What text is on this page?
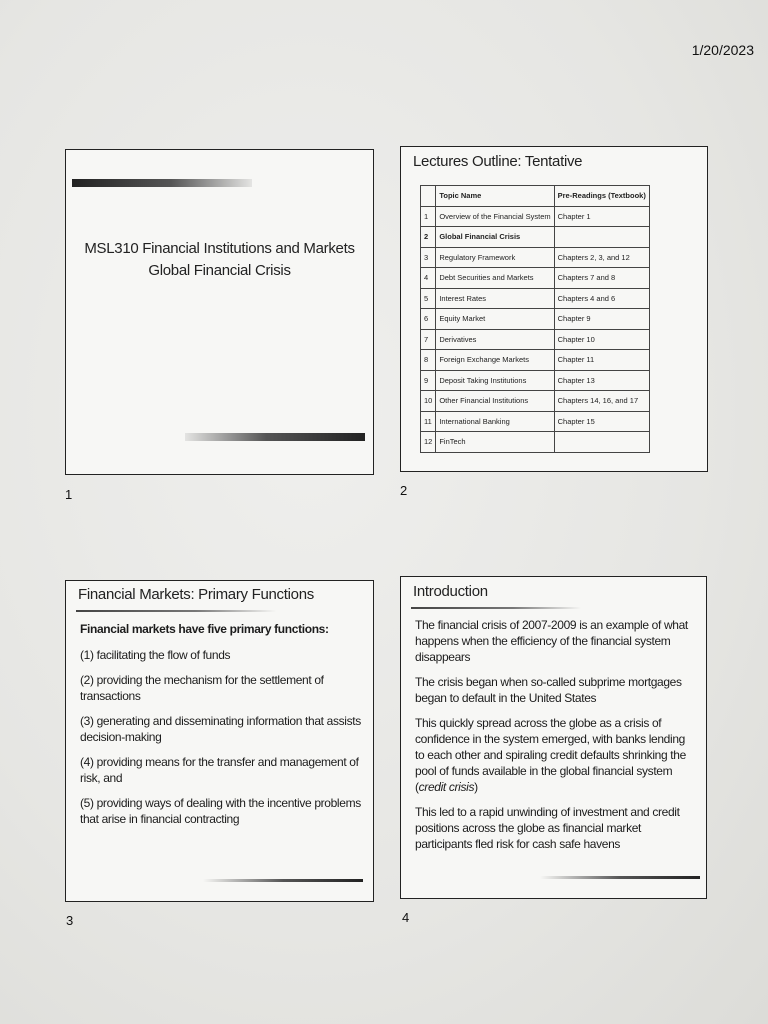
1/20/2023
MSL310 Financial Institutions and Markets
Global Financial Crisis
1
Lectures Outline: Tentative
	Topic Name	Pre-Readings (Textbook)
1	Overview of the Financial System	Chapter 1
2	Global Financial Crisis	
3	Regulatory Framework	Chapters 2, 3, and 12
4	Debt Securities and Markets	Chapters 7 and 8
5	Interest Rates	Chapters 4 and 6
6	Equity Market	Chapter 9
7	Derivatives	Chapter 10
8	Foreign Exchange Markets	Chapter 11
9	Deposit Taking Institutions	Chapter 13
10	Other Financial Institutions	Chapters 14, 16, and 17
11	International Banking	Chapter 15
12	FinTech	
2
Financial Markets: Primary Functions

Financial markets have five primary functions:

(1) facilitating the flow of funds

(2) providing the mechanism for the settlement of transactions

(3) generating and disseminating information that assists decision-making

(4) providing means for the transfer and management of risk, and

(5) providing ways of dealing with the incentive problems that arise in financial contracting

3
Introduction

The financial crisis of 2007-2009 is an example of what happens when the efficiency of the financial system disappears

The crisis began when so-called subprime mortgages began to default in the United States

This quickly spread across the globe as a crisis of confidence in the system emerged, with banks lending to each other and spiraling credit defaults shrinking the pool of funds available in the global financial system (credit crisis)

This led to a rapid unwinding of investment and credit positions across the globe as financial market participants fled risk for cash safe havens

4
